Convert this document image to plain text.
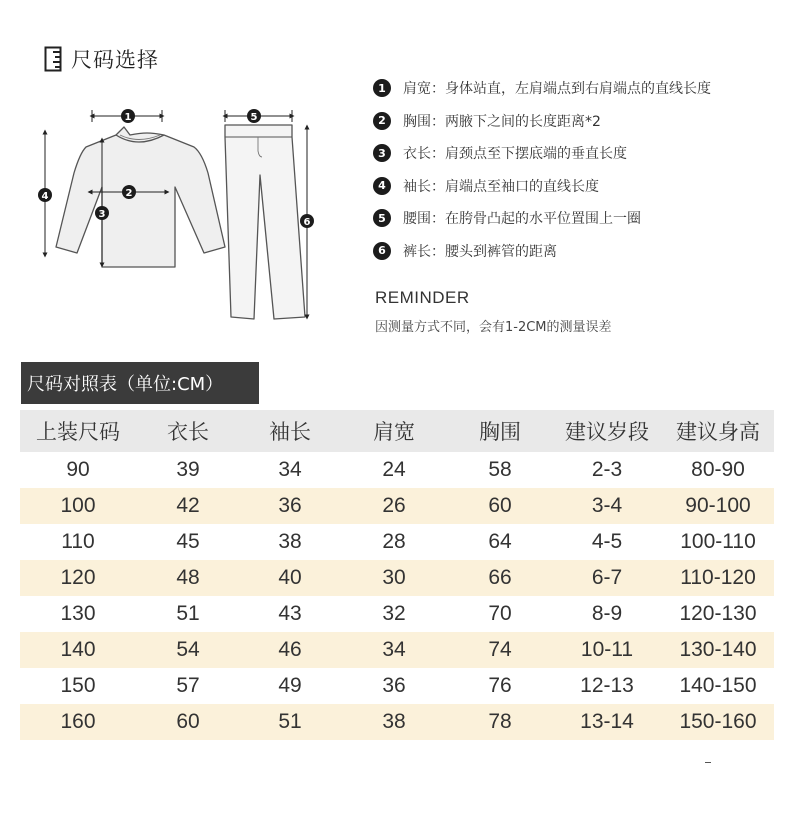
尺码选择
1
2
3
4
5
6
1	肩宽：身体站直，左肩端点到右肩端点的直线长度
2	胸围：两腋下之间的长度距离*2
3	衣长：肩颈点至下摆底端的垂直长度
4	袖长：肩端点至袖口的直线长度
5	腰围：在胯骨凸起的水平位置围上一圈
6	裤长：腰头到裤管的距离
REMINDER
因测量方式不同，会有1-2CM的测量误差
尺码对照表（单位:CM）
上装尺码	衣长	袖长	肩宽	胸围	建议岁段	建议身高
90	39	34	24	58	2-3	80-90
100	42	36	26	60	3-4	90-100
110	45	38	28	64	4-5	100-110
120	48	40	30	66	6-7	110-120
130	51	43	32	70	8-9	120-130
140	54	46	34	74	10-11	130-140
150	57	49	36	76	12-13	140-150
160	60	51	38	78	13-14	150-160
